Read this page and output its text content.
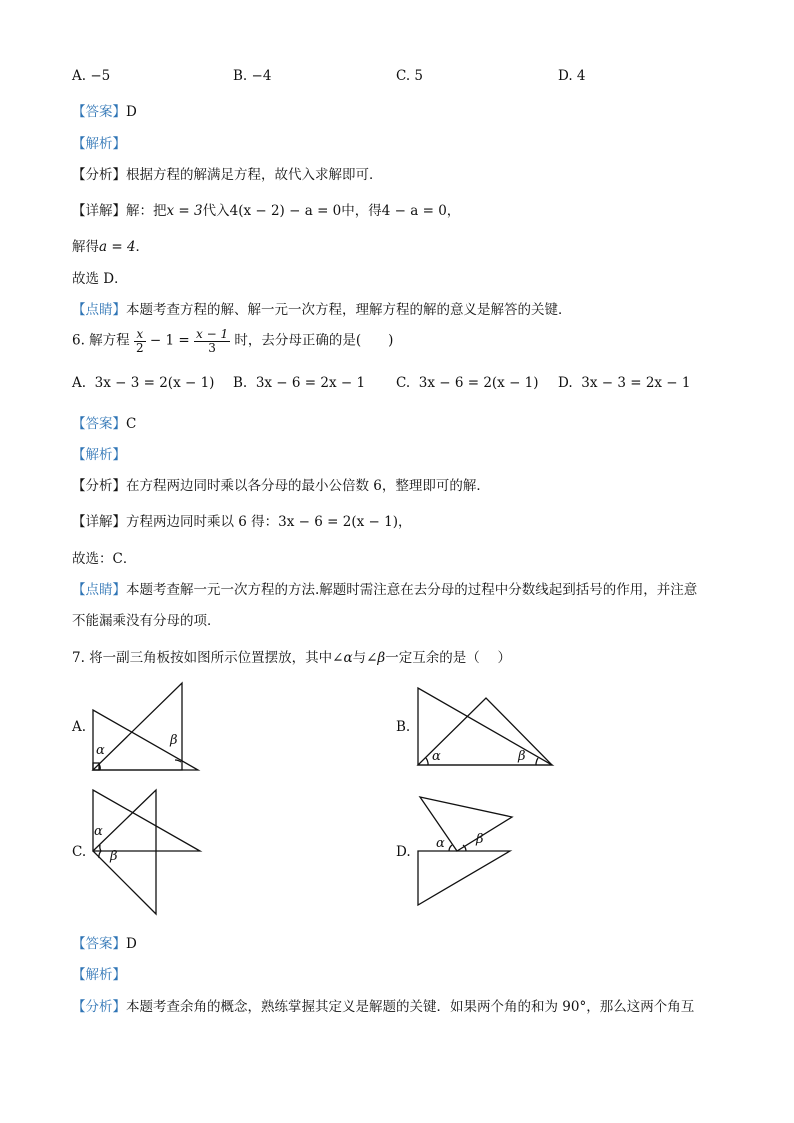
A. −5	B. −4	C. 5	D. 4
【答案】D
【解析】
【分析】根据方程的解满足方程，故代入求解即可．
【详解】解：把x = 3代入4(x − 2) − a = 0中，得4 − a = 0，
解得a = 4．
故选 D．
【点睛】本题考查方程的解、解一元一次方程，理解方程的解的意义是解答的关键．
6. 解方程 $\frac{x}{2} - 1 = \frac{x - 1}{3}$ 时，去分母正确的是(　　)
A. 3x − 3 = 2(x − 1) B. 3x − 6 = 2x − 1 C. 3x − 6 = 2(x − 1) D. 3x − 3 = 2x − 1
【答案】C
【解析】
【分析】在方程两边同时乘以各分母的最小公倍数 6，整理即可的解．
【详解】方程两边同时乘以 6 得：3x − 6 = 2(x − 1)，
故选：C．
【点睛】本题考查解一元一次方程的方法.解题时需注意在去分母的过程中分数线起到括号的作用，并注意
不能漏乘没有分母的项．
7. 将一副三角板按如图所示位置摆放，其中∠α与∠β一定互余的是（　 ）
A.	B.
C.	D.
α
β
α	β
α
β
α β
【答案】D
【解析】
【分析】本题考查余角的概念，熟练掌握其定义是解题的关键．如果两个角的和为 90°，那么这两个角互
